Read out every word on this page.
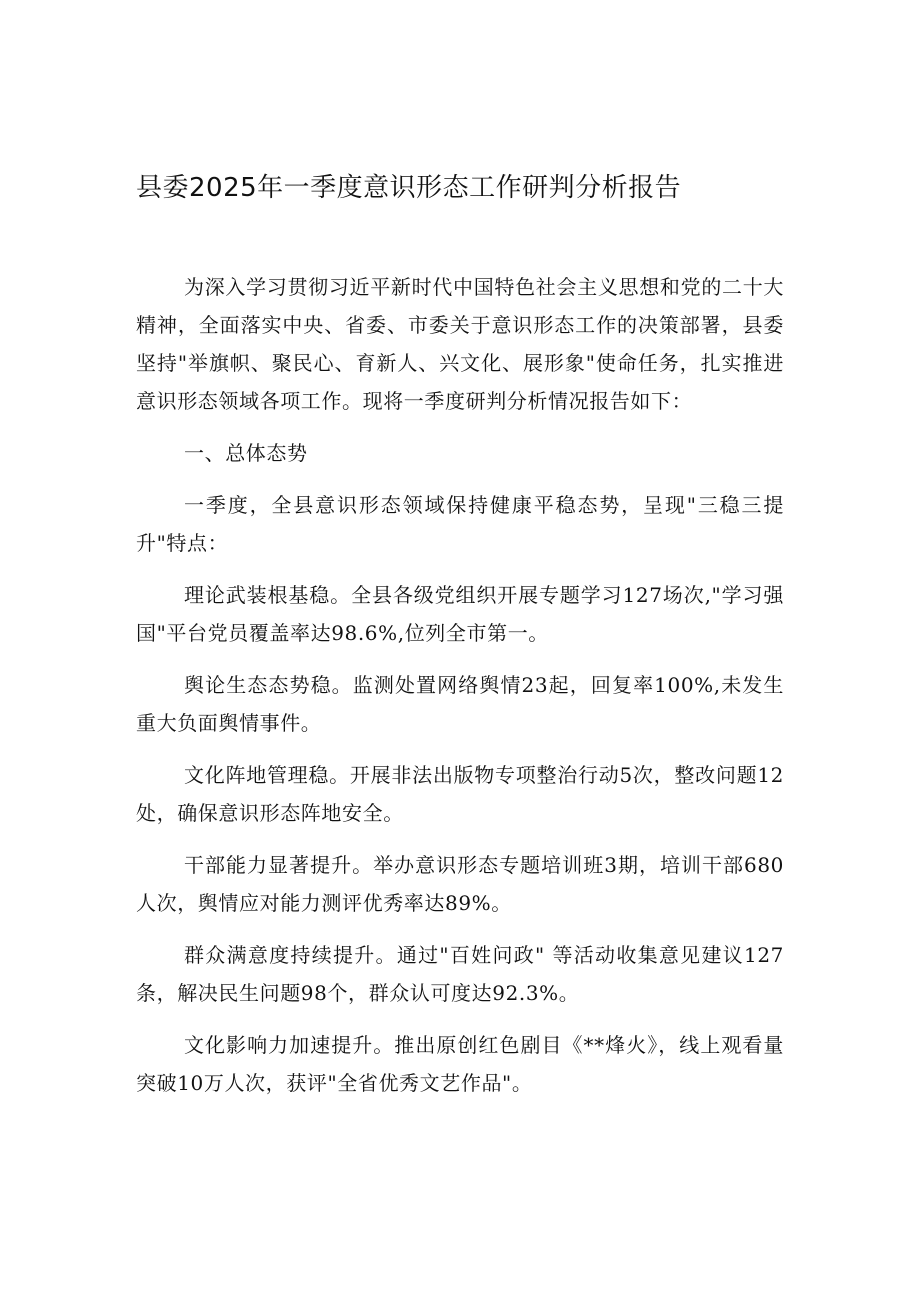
县委2025年一季度意识形态工作研判分析报告

为深入学习贯彻习近平新时代中国特色社会主义思想和党的二十大精神，全面落实中央、省委、市委关于意识形态工作的决策部署，县委坚持"举旗帜、聚民心、育新人、兴文化、展形象"使命任务，扎实推进意识形态领域各项工作。现将一季度研判分析情况报告如下：

一、总体态势

一季度，全县意识形态领域保持健康平稳态势，呈现"三稳三提升"特点：

理论武装根基稳。全县各级党组织开展专题学习127场次,"学习强国"平台党员覆盖率达98.6%,位列全市第一。

舆论生态态势稳。监测处置网络舆情23起，回复率100%,未发生重大负面舆情事件。

文化阵地管理稳。开展非法出版物专项整治行动5次，整改问题12处，确保意识形态阵地安全。

干部能力显著提升。举办意识形态专题培训班3期，培训干部680人次，舆情应对能力测评优秀率达89%。

群众满意度持续提升。通过"百姓问政" 等活动收集意见建议127条，解决民生问题98个，群众认可度达92.3%。

文化影响力加速提升。推出原创红色剧目《**烽火》，线上观看量突破10万人次，获评"全省优秀文艺作品"。
